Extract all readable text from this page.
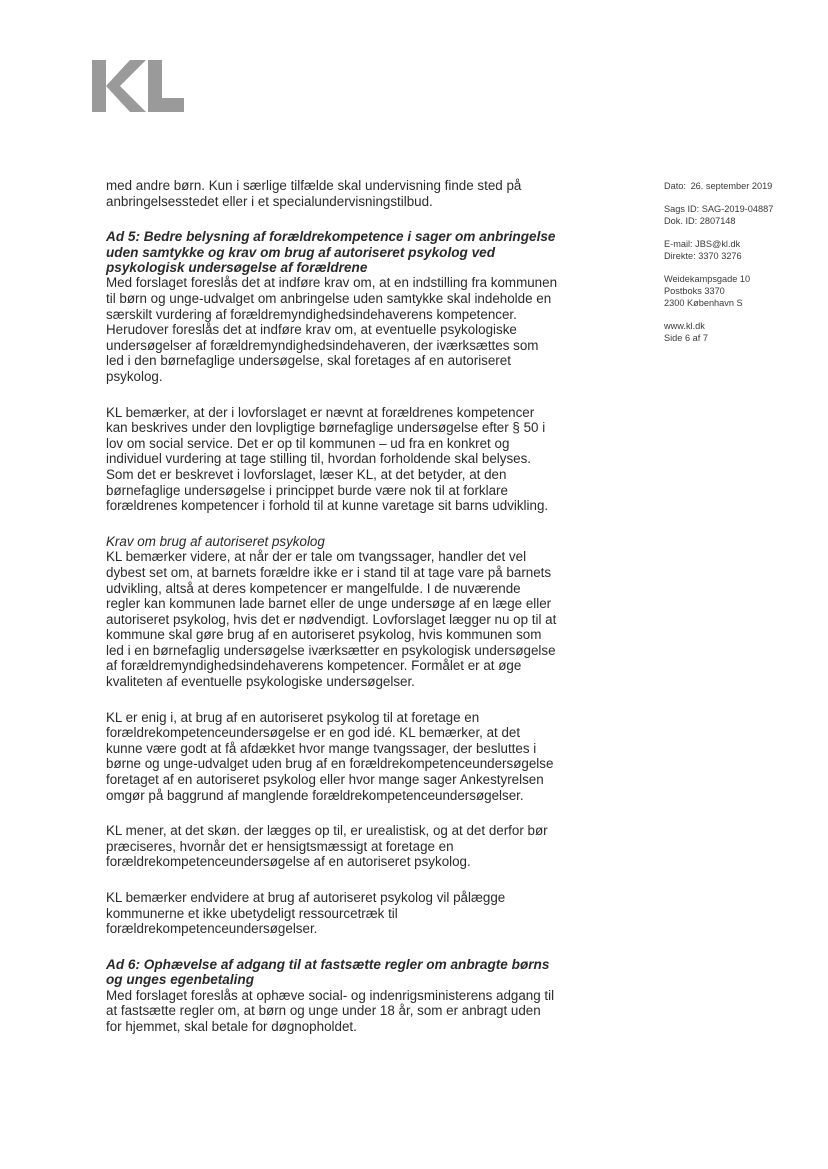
KL

med andre børn. Kun i særlige tilfælde skal undervisning finde sted på anbringelsesstedet eller i et specialundervisningstilbud.

Ad 5: Bedre belysning af forældrekompetence i sager om anbringelse uden samtykke og krav om brug af autoriseret psykolog ved psykologisk undersøgelse af forældrene

Med forslaget foreslås det at indføre krav om, at en indstilling fra kommunen til børn og unge-udvalget om anbringelse uden samtykke skal indeholde en særskilt vurdering af forældremyndighedsindehaverens kompetencer. Herudover foreslås det at indføre krav om, at eventuelle psykologiske undersøgelser af forældremyndighedsindehaveren, der iværksættes som led i den børnefaglige undersøgelse, skal foretages af en autoriseret psykolog.

KL bemærker, at der i lovforslaget er nævnt at forældrenes kompetencer kan beskrives under den lovpligtige børnefaglige undersøgelse efter § 50 i lov om social service. Det er op til kommunen – ud fra en konkret og individuel vurdering at tage stilling til, hvordan forholdende skal belyses. Som det er beskrevet i lovforslaget, læser KL, at det betyder, at den børnefaglige undersøgelse i princippet burde være nok til at forklare forældrenes kompetencer i forhold til at kunne varetage sit barns udvikling.

Krav om brug af autoriseret psykolog

KL bemærker videre, at når der er tale om tvangssager, handler det vel dybest set om, at barnets forældre ikke er i stand til at tage vare på barnets udvikling, altså at deres kompetencer er mangelfulde. I de nuværende regler kan kommunen lade barnet eller de unge undersøge af en læge eller autoriseret psykolog, hvis det er nødvendigt. Lovforslaget lægger nu op til at kommune skal gøre brug af en autoriseret psykolog, hvis kommunen som led i en børnefaglig undersøgelse iværksætter en psykologisk undersøgelse af forældremyndighedsindehaverens kompetencer. Formålet er at øge kvaliteten af eventuelle psykologiske undersøgelser.

KL er enig i, at brug af en autoriseret psykolog til at foretage en forældrekompetenceundersøgelse er en god idé. KL bemærker, at det kunne være godt at få afdækket hvor mange tvangssager, der besluttes i børne og unge-udvalget uden brug af en forældrekompetenceundersøgelse foretaget af en autoriseret psykolog eller hvor mange sager Ankestyrelsen omgør på baggrund af manglende forældrekompetenceundersøgelser.

KL mener, at det skøn. der lægges op til, er urealistisk, og at det derfor bør præciseres, hvornår det er hensigtsmæssigt at foretage en forældrekompetenceundersøgelse af en autoriseret psykolog.

KL bemærker endvidere at brug af autoriseret psykolog vil pålægge kommunerne et ikke ubetydeligt ressourcetræk til forældrekompetenceundersøgelser.

Ad 6: Ophævelse af adgang til at fastsætte regler om anbragte børns og unges egenbetaling

Med forslaget foreslås at ophæve social- og indenrigsministerens adgang til at fastsætte regler om, at børn og unge under 18 år, som er anbragt uden for hjemmet, skal betale for døgnopholdet.

Dato:
26. september 2019
Sags ID:
SAG-2019-04887
Dok. ID:
2807148
E-mail:
JBS@kl.dk
Direkte:
3370 3276
Weidekampsgade 10
Postboks 3370
2300 København S
www.kl.dk
Side 6 af 7
